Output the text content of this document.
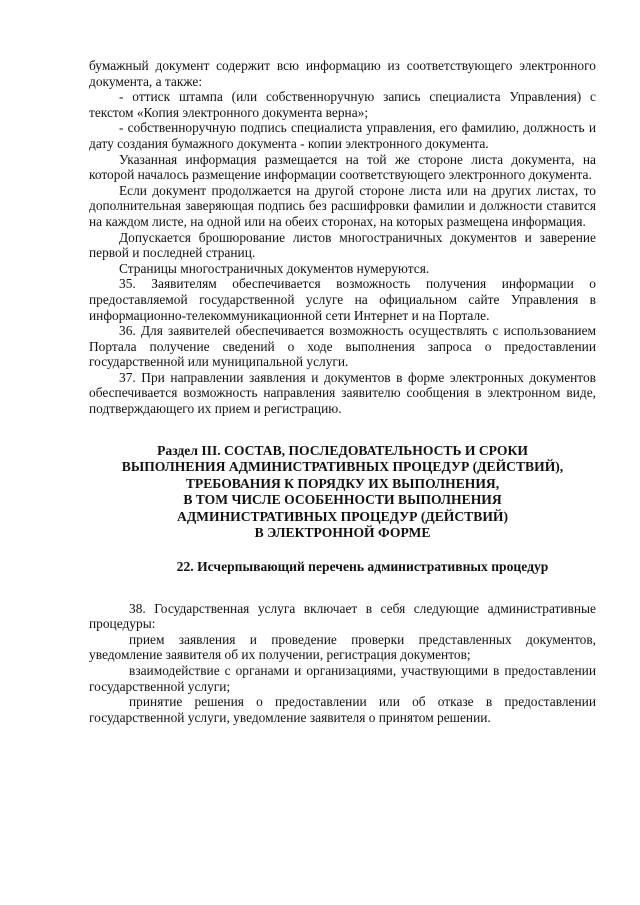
бумажный документ содержит всю информацию из соответствующего электронного документа, а также:

- оттиск штампа (или собственноручную запись специалиста Управления) с текстом «Копия электронного документа верна»;

- собственноручную подпись специалиста управления, его фамилию, должность и дату создания бумажного документа - копии электронного документа.

Указанная информация размещается на той же стороне листа документа, на которой началось размещение информации соответствующего электронного документа.

Если документ продолжается на другой стороне листа или на других листах, то дополнительная заверяющая подпись без расшифровки фамилии и должности ставится на каждом листе, на одной или на обеих сторонах, на которых размещена информация.

Допускается брошюрование листов многостраничных документов и заверение первой и последней страниц.

Страницы многостраничных документов нумеруются.

35. Заявителям обеспечивается возможность получения информации о предоставляемой государственной услуге на официальном сайте Управления в информационно-телекоммуникационной сети Интернет и на Портале.

36. Для заявителей обеспечивается возможность осуществлять с использованием Портала получение сведений о ходе выполнения запроса о предоставлении государственной или муниципальной услуги.

37. При направлении заявления и документов в форме электронных документов обеспечивается возможность направления заявителю сообщения в электронном виде, подтверждающего их прием и регистрацию.

Раздел III. СОСТАВ, ПОСЛЕДОВАТЕЛЬНОСТЬ И СРОКИ
ВЫПОЛНЕНИЯ АДМИНИСТРАТИВНЫХ ПРОЦЕДУР (ДЕЙСТВИЙ),
ТРЕБОВАНИЯ К ПОРЯДКУ ИХ ВЫПОЛНЕНИЯ,
В ТОМ ЧИСЛЕ ОСОБЕННОСТИ ВЫПОЛНЕНИЯ
АДМИНИСТРАТИВНЫХ ПРОЦЕДУР (ДЕЙСТВИЙ)
В ЭЛЕКТРОННОЙ ФОРМЕ
22. Исчерпывающий перечень административных процедур

38. Государственная услуга включает в себя следующие административные процедуры:

прием заявления и проведение проверки представленных документов, уведомление заявителя об их получении, регистрация документов;

взаимодействие с органами и организациями, участвующими в предоставлении государственной услуги;

принятие решения о предоставлении или об отказе в предоставлении государственной услуги, уведомление заявителя о принятом решении.
